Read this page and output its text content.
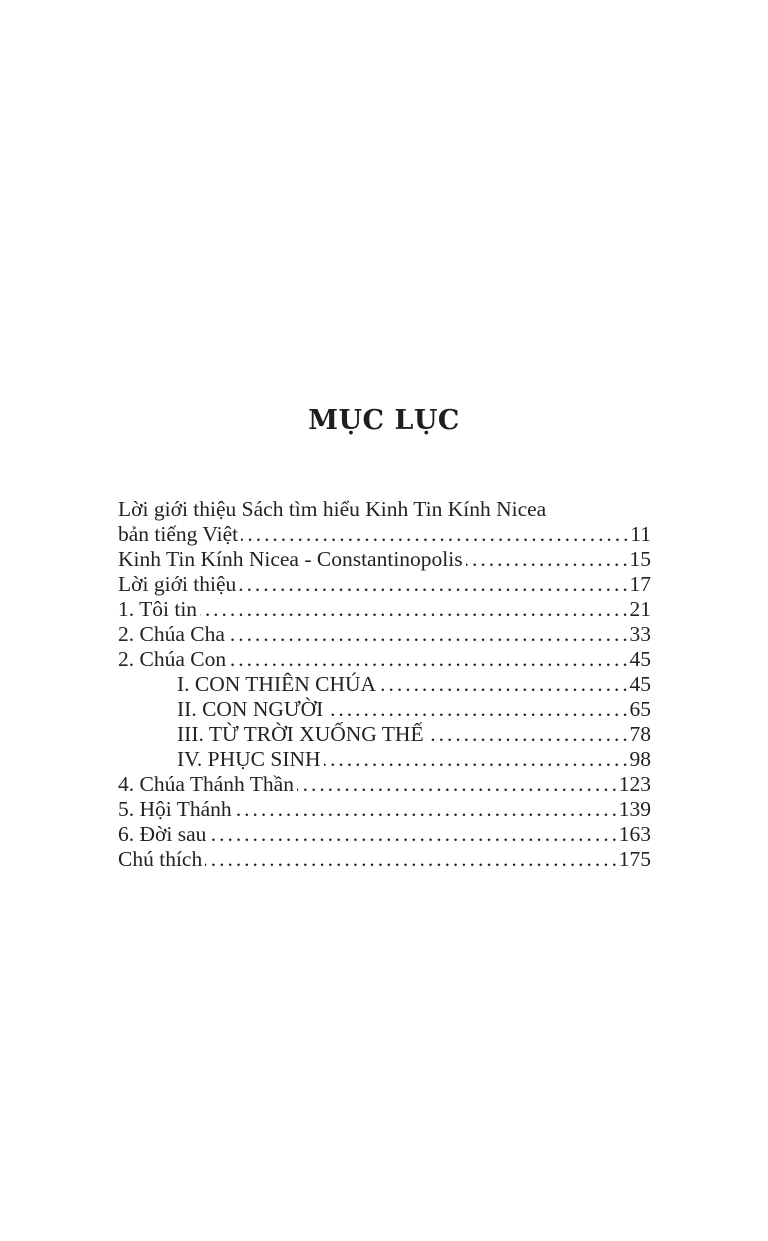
MỤC LỤC
Lời giới thiệu Sách tìm hiểu Kinh Tin Kính Nicea
bản tiếng Việt . . .	11
Kinh Tin Kính Nicea - Constantinopolis . . .	15
Lời giới thiệu . . .	17
1. Tôi tin . . .	21
2. Chúa Cha . . .	33
2. Chúa Con . . .	45
I. CON THIÊN CHÚA . . .	45
II. CON NGƯỜI . . .	65
III. TỪ TRỜI XUỐNG THẾ . . .	78
IV. PHỤC SINH . . .	98
4. Chúa Thánh Thần . . .	123
5. Hội Thánh . . .	139
6. Đời sau . . .	163
Chú thích . . .	175
